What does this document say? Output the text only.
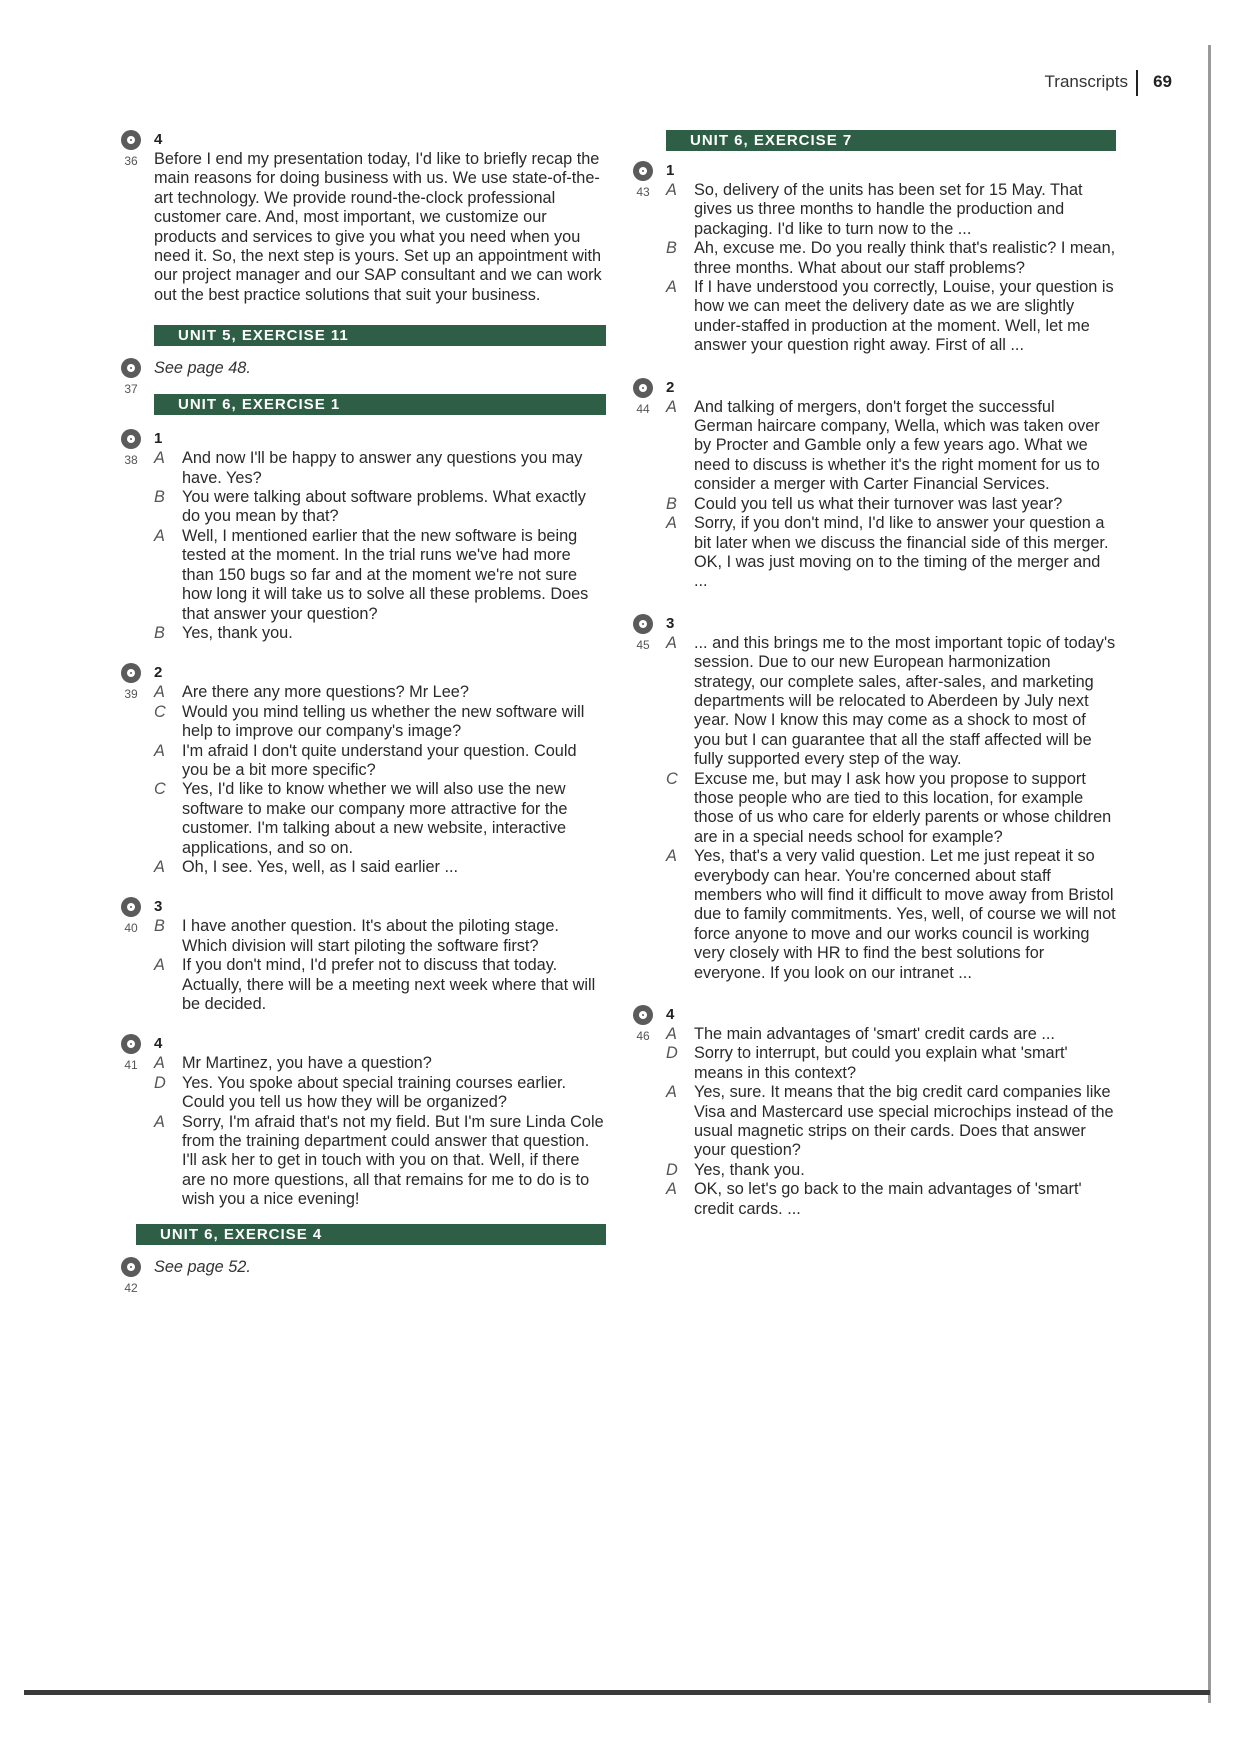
Transcripts 69
36
4
Before I end my presentation today, I'd like to briefly recap the main reasons for doing business with us. We use state-of-the-art technology. We provide round-the-clock professional customer care. And, most important, we customize our products and services to give you what you need when you need it. So, the next step is yours. Set up an appointment with our project manager and our SAP consultant and we can work out the best practice solutions that suit your business.
UNIT 5, EXERCISE 11
37
See page 48.
UNIT 6, EXERCISE 1
38
1
A	And now I'll be happy to answer any questions you may have. Yes?
B	You were talking about software problems. What exactly do you mean by that?
A	Well, I mentioned earlier that the new software is being tested at the moment. In the trial runs we've had more than 150 bugs so far and at the moment we're not sure how long it will take us to solve all these problems. Does that answer your question?
B	Yes, thank you.
39
2
A	Are there any more questions? Mr Lee?
C Would you mind telling us whether the new software will help to improve our company's image?
A	I'm afraid I don't quite understand your question. Could you be a bit more specific?
C Yes, I'd like to know whether we will also use the new software to make our company more attractive for the customer. I'm talking about a new website, interactive applications, and so on.
A	Oh, I see. Yes, well, as I said earlier ...
40
3
B	I have another question. It's about the piloting stage. Which division will start piloting the software first?
A	If you don't mind, I'd prefer not to discuss that today. Actually, there will be a meeting next week where that will be decided.
41
4
A	Mr Martinez, you have a question?
D Yes. You spoke about special training courses earlier. Could you tell us how they will be organized?
A	Sorry, I'm afraid that's not my field. But I'm sure Linda Cole from the training department could answer that question. I'll ask her to get in touch with you on that. Well, if there are no more questions, all that remains for me to do is to wish you a nice evening!
UNIT 6, EXERCISE 4
42
See page 52.
UNIT 6, EXERCISE 7
43
1
A	So, delivery of the units has been set for 15 May. That gives us three months to handle the production and packaging. I'd like to turn now to the ...
B	Ah, excuse me. Do you really think that's realistic? I mean, three months. What about our staff problems?
A	If I have understood you correctly, Louise, your question is how we can meet the delivery date as we are slightly under-staffed in production at the moment. Well, let me answer your question right away. First of all ...
44
2
A	And talking of mergers, don't forget the successful German haircare company, Wella, which was taken over by Procter and Gamble only a few years ago. What we need to discuss is whether it's the right moment for us to consider a merger with Carter Financial Services.
B	Could you tell us what their turnover was last year?
A	Sorry, if you don't mind, I'd like to answer your question a bit later when we discuss the financial side of this merger. OK, I was just moving on to the timing of the merger and ...
45
3
A	... and this brings me to the most important topic of today's session. Due to our new European harmonization strategy, our complete sales, after-sales, and marketing departments will be relocated to Aberdeen by July next year. Now I know this may come as a shock to most of you but I can guarantee that all the staff affected will be fully supported every step of the way.
C Excuse me, but may I ask how you propose to support those people who are tied to this location, for example those of us who care for elderly parents or whose children are in a special needs school for example?
A	Yes, that's a very valid question. Let me just repeat it so everybody can hear. You're concerned about staff members who will find it difficult to move away from Bristol due to family commitments. Yes, well, of course we will not force anyone to move and our works council is working very closely with HR to find the best solutions for everyone. If you look on our intranet ...
46
4
A	The main advantages of 'smart' credit cards are ...
D Sorry to interrupt, but could you explain what 'smart' means in this context?
A	Yes, sure. It means that the big credit card companies like Visa and Mastercard use special microchips instead of the usual magnetic strips on their cards. Does that answer your question?
D Yes, thank you.
A	OK, so let's go back to the main advantages of 'smart' credit cards. ...
